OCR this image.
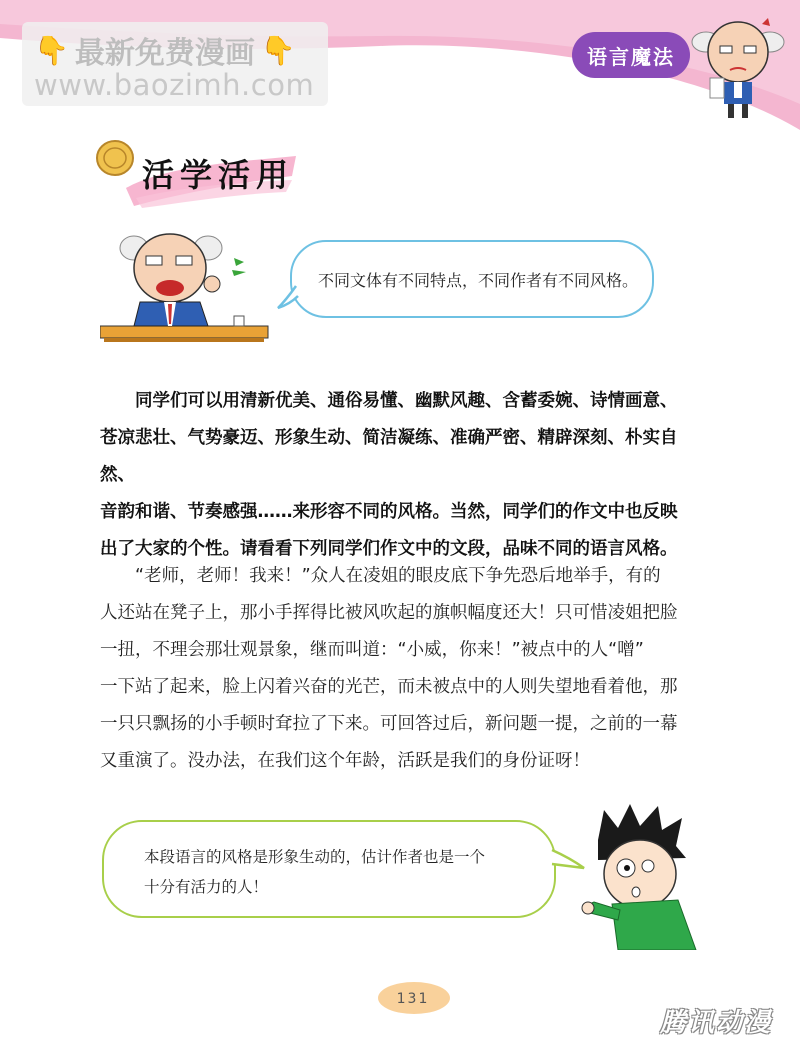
👇 最新免费漫画 👇
www.baozimh.com
语言魔法
活学活用
不同文体有不同特点，不同作者有不同风格。

同学们可以用清新优美、通俗易懂、幽默风趣、含蓄委婉、诗情画意、

苍凉悲壮、气势豪迈、形象生动、简洁凝练、准确严密、精辟深刻、朴实自然、

音韵和谐、节奏感强……来形容不同的风格。当然，同学们的作文中也反映

出了大家的个性。请看看下列同学们作文中的文段，品味不同的语言风格。

“老师，老师！我来！”众人在凌姐的眼皮底下争先恐后地举手，有的

人还站在凳子上，那小手挥得比被风吹起的旗帜幅度还大！只可惜凌姐把脸

一扭，不理会那壮观景象，继而叫道：“小威，你来！”被点中的人“噌”

一下站了起来，脸上闪着兴奋的光芒，而未被点中的人则失望地看着他，那

一只只飘扬的小手顿时耷拉了下来。可回答过后，新问题一提，之前的一幕

又重演了。没办法，在我们这个年龄，活跃是我们的身份证呀！

本段语言的风格是形象生动的，估计作者也是一个
十分有活力的人！
131
腾讯动漫
